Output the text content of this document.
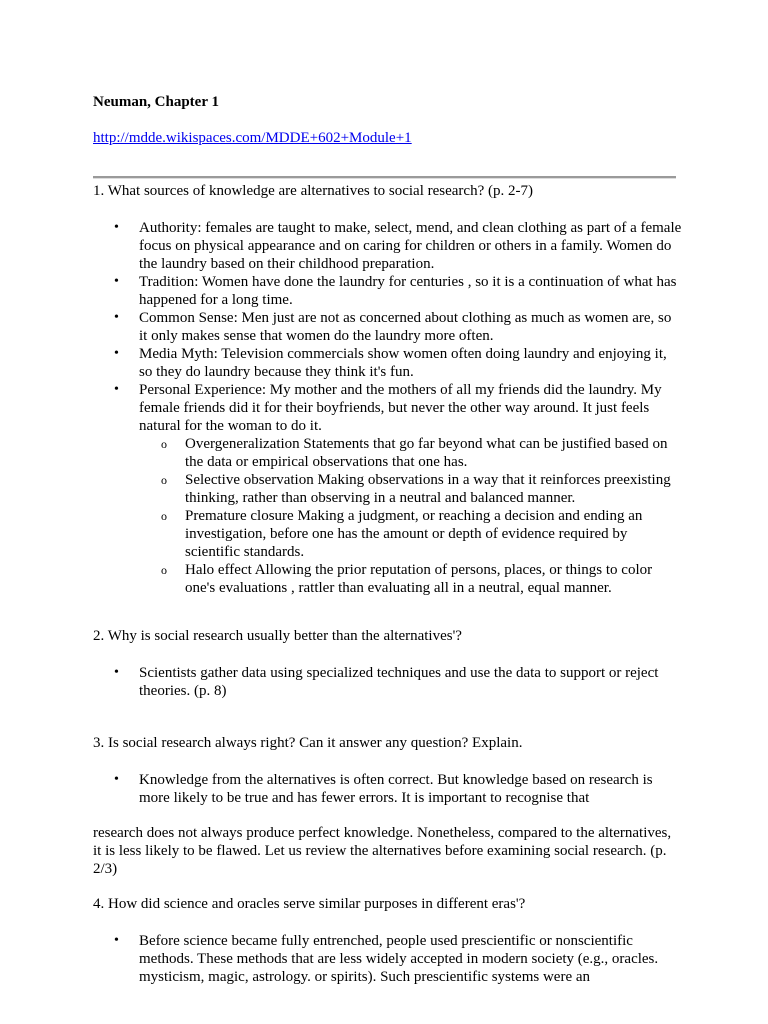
Neuman, Chapter 1

http://mdde.wikispaces.com/MDDE+602+Module+1

1. What sources of knowledge are alternatives to social research? (p. 2-7)

• Authority: females are taught to make, select, mend, and clean clothing as part of a female focus on physical appearance and on caring for children or others in a family. Women do the laundry based on their childhood preparation.
• Tradition: Women have done the laundry for centuries , so it is a continuation of what has happened for a long time.
• Common Sense: Men just are not as concerned about clothing as much as women are, so it only makes sense that women do the laundry more often.
• Media Myth: Television commercials show women often doing laundry and enjoying it, so they do laundry because they think it's fun.
• Personal Experience: My mother and the mothers of all my friends did the laundry. My female friends did it for their boyfriends, but never the other way around. It just feels natural for the woman to do it.
o Overgeneralization Statements that go far beyond what can be justified based on the data or empirical observations that one has.
o Selective observation Making observations in a way that it reinforces preexisting thinking, rather than observing in a neutral and balanced manner.
o Premature closure Making a judgment, or reaching a decision and ending an investigation, before one has the amount or depth of evidence required by scientific standards.
o Halo effect Allowing the prior reputation of persons, places, or things to color one's evaluations , rattler than evaluating all in a neutral, equal manner.

2. Why is social research usually better than the alternatives'?

• Scientists gather data using specialized techniques and use the data to support or reject theories. (p. 8)

3. Is social research always right? Can it answer any question? Explain.

• Knowledge from the alternatives is often correct. But knowledge based on research is more likely to be true and has fewer errors. It is important to recognise that

research does not always produce perfect knowledge. Nonetheless, compared to the alternatives, it is less likely to be flawed. Let us review the alternatives before examining social research. (p. 2/3)

4. How did science and oracles serve similar purposes in different eras'?

• Before science became fully entrenched, people used prescientific or nonscientific methods. These methods that are less widely accepted in modern society (e.g., oracles. mysticism, magic, astrology. or spirits). Such prescientific systems were an
